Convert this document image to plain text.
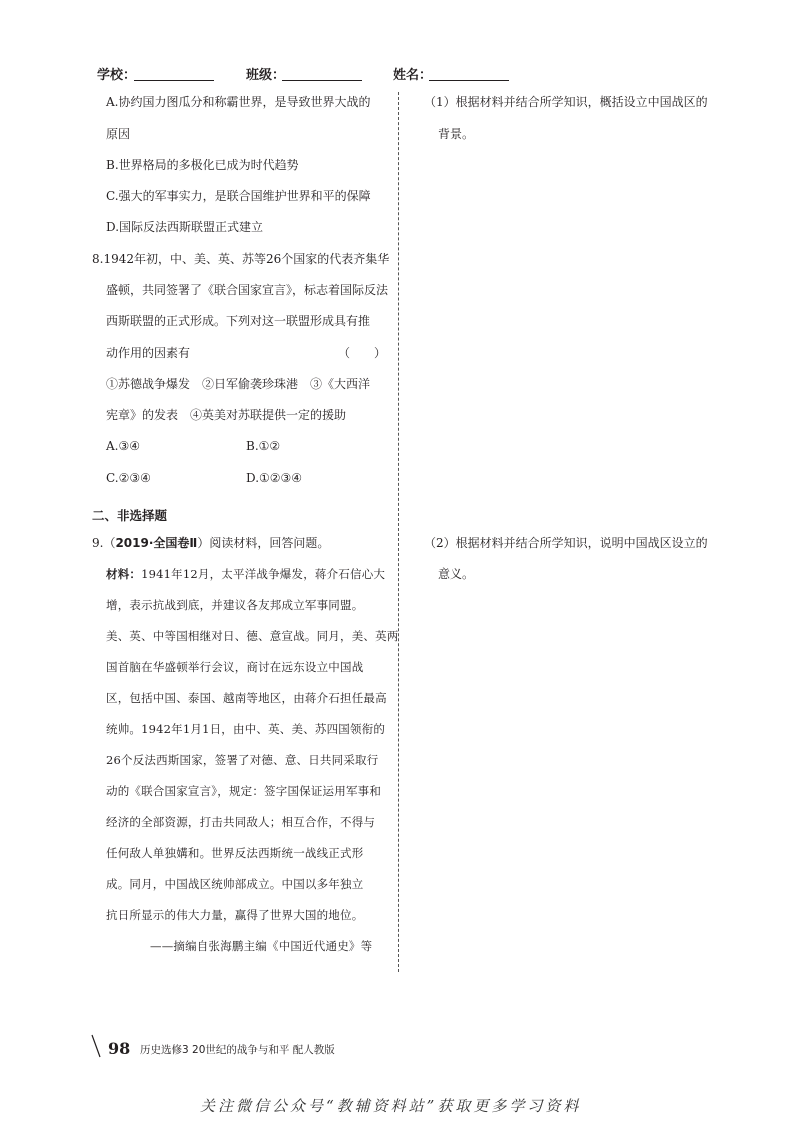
学校：	班级：	姓名：
A.协约国力图瓜分和称霸世界，是导致世界大战的
原因
B.世界格局的多极化已成为时代趋势
C.强大的军事实力，是联合国维护世界和平的保障
D.国际反法西斯联盟正式建立
8.1942年初，中、美、英、苏等26个国家的代表齐集华
盛顿，共同签署了《联合国家宣言》，标志着国际反法
西斯联盟的正式形成。下列对这一联盟形成具有推
动作用的因素有	（　　）
①苏德战争爆发　②日军偷袭珍珠港　③《大西洋
宪章》的发表　④英美对苏联提供一定的援助
A.③④	B.①②
C.②③④	D.①②③④
二、非选择题
9.（2019·全国卷Ⅱ）阅读材料，回答问题。
材料：1941年12月，太平洋战争爆发，蒋介石信心大
增，表示抗战到底，并建议各友邦成立军事同盟。
美、英、中等国相继对日、德、意宣战。同月，美、英两
国首脑在华盛顿举行会议，商讨在远东设立中国战
区，包括中国、泰国、越南等地区，由蒋介石担任最高
统帅。1942年1月1日，由中、英、美、苏四国领衔的
26个反法西斯国家，签署了对德、意、日共同采取行
动的《联合国家宣言》，规定：签字国保证运用军事和
经济的全部资源，打击共同敌人；相互合作，不得与
任何敌人单独媾和。世界反法西斯统一战线正式形
成。同月，中国战区统帅部成立。中国以多年独立
抗日所显示的伟大力量，赢得了世界大国的地位。
——摘编自张海鹏主编《中国近代通史》等
（1）根据材料并结合所学知识，概括设立中国战区的
背景。
（2）根据材料并结合所学知识，说明中国战区设立的
意义。
98 历史选修3 20世纪的战争与和平 配人教版
关注微信公众号“教辅资料站”获取更多学习资料
